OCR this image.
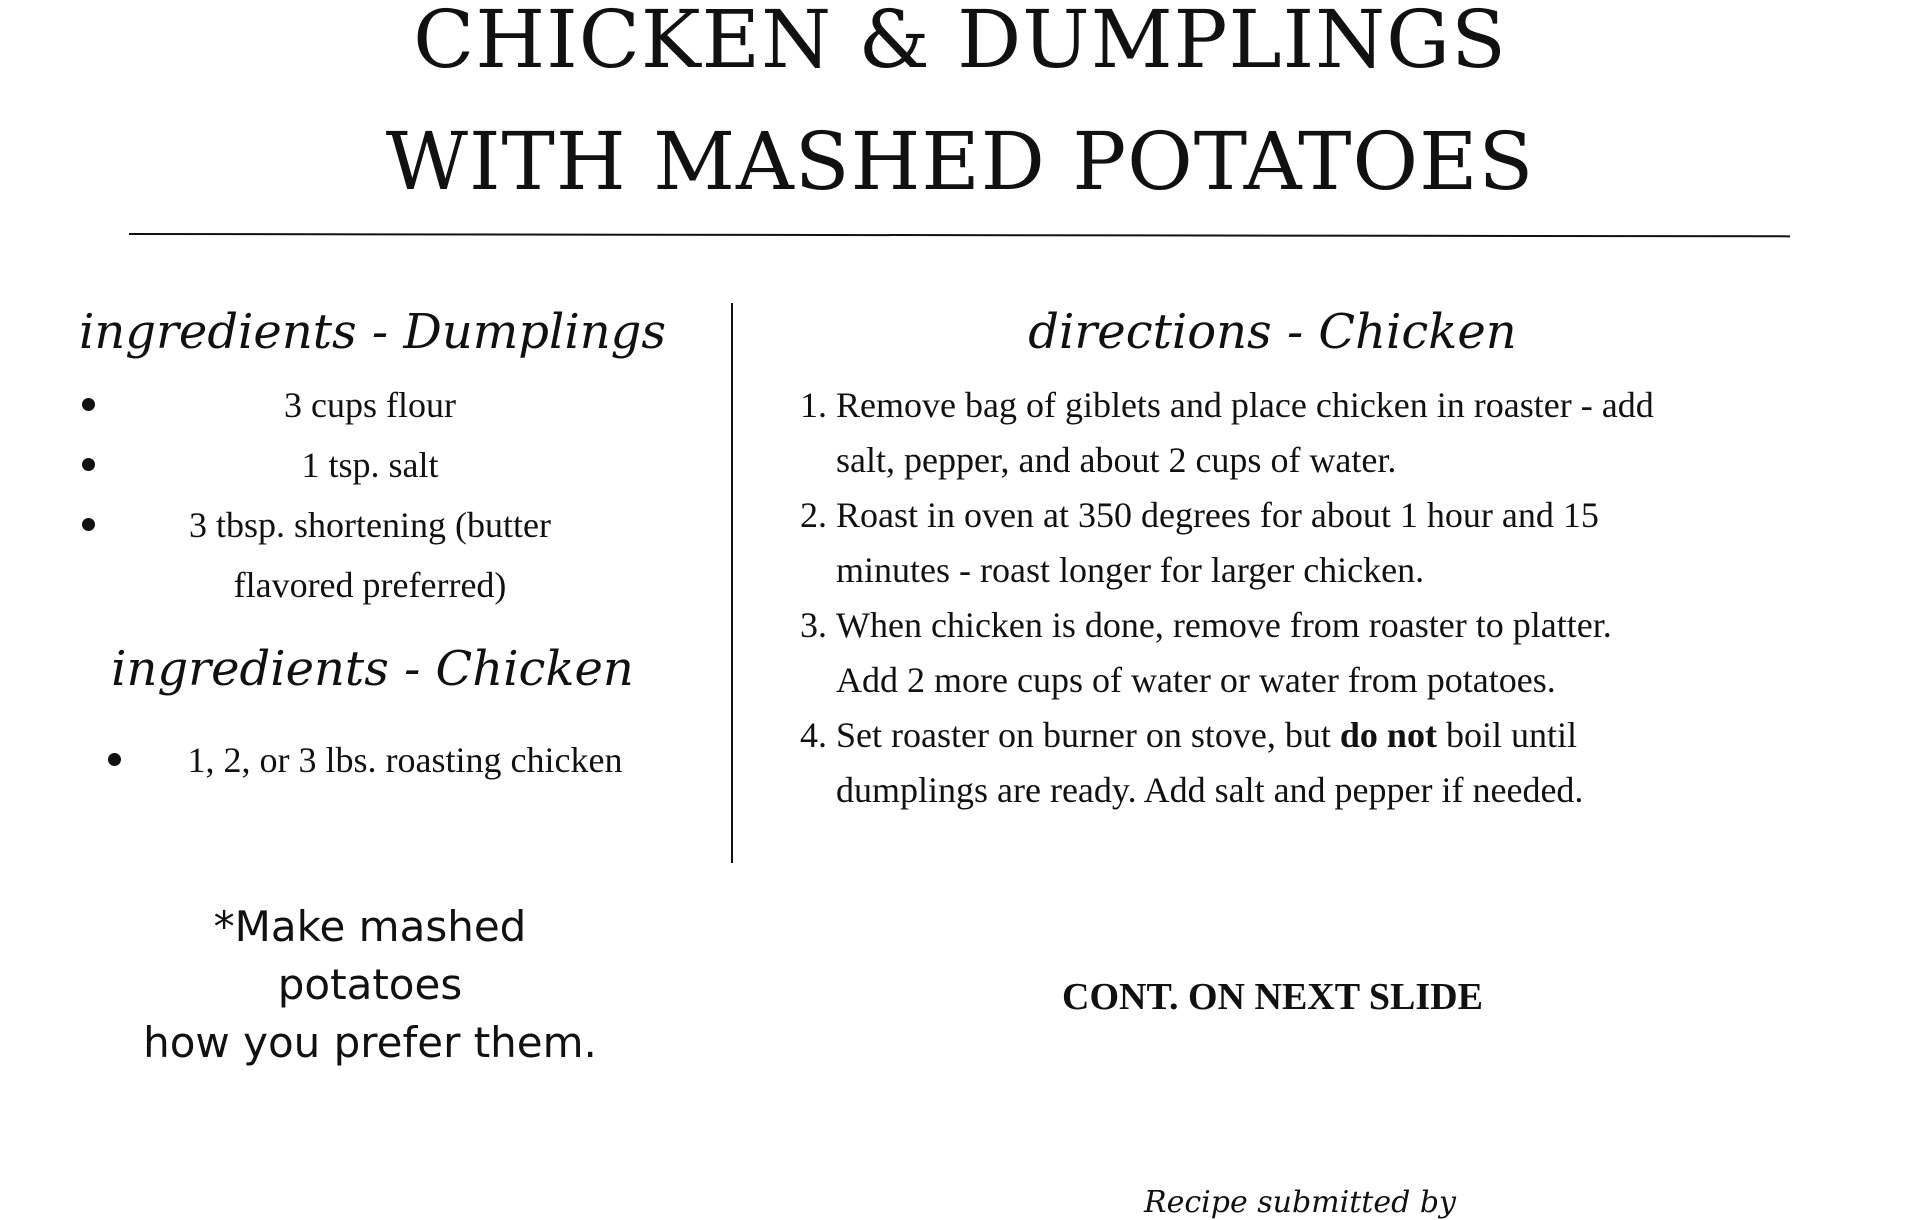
CHICKEN & DUMPLINGS
WITH MASHED POTATOES
ingredients - Dumplings
3 cups flour
1 tsp. salt
3 tbsp. shortening (butter
flavored preferred)
ingredients - Chicken
1, 2, or 3 lbs. roasting chicken
directions - Chicken
1. Remove bag of giblets and place chicken in roaster - add
salt, pepper, and about 2 cups of water.
2. Roast in oven at 350 degrees for about 1 hour and 15
minutes - roast longer for larger chicken.
3. When chicken is done, remove from roaster to platter.
Add 2 more cups of water or water from potatoes.
4. Set roaster on burner on stove, but do not boil until
dumplings are ready. Add salt and pepper if needed.

*Make mashed potatoes
how you prefer them.

CONT. ON NEXT SLIDE

Recipe submitted by
